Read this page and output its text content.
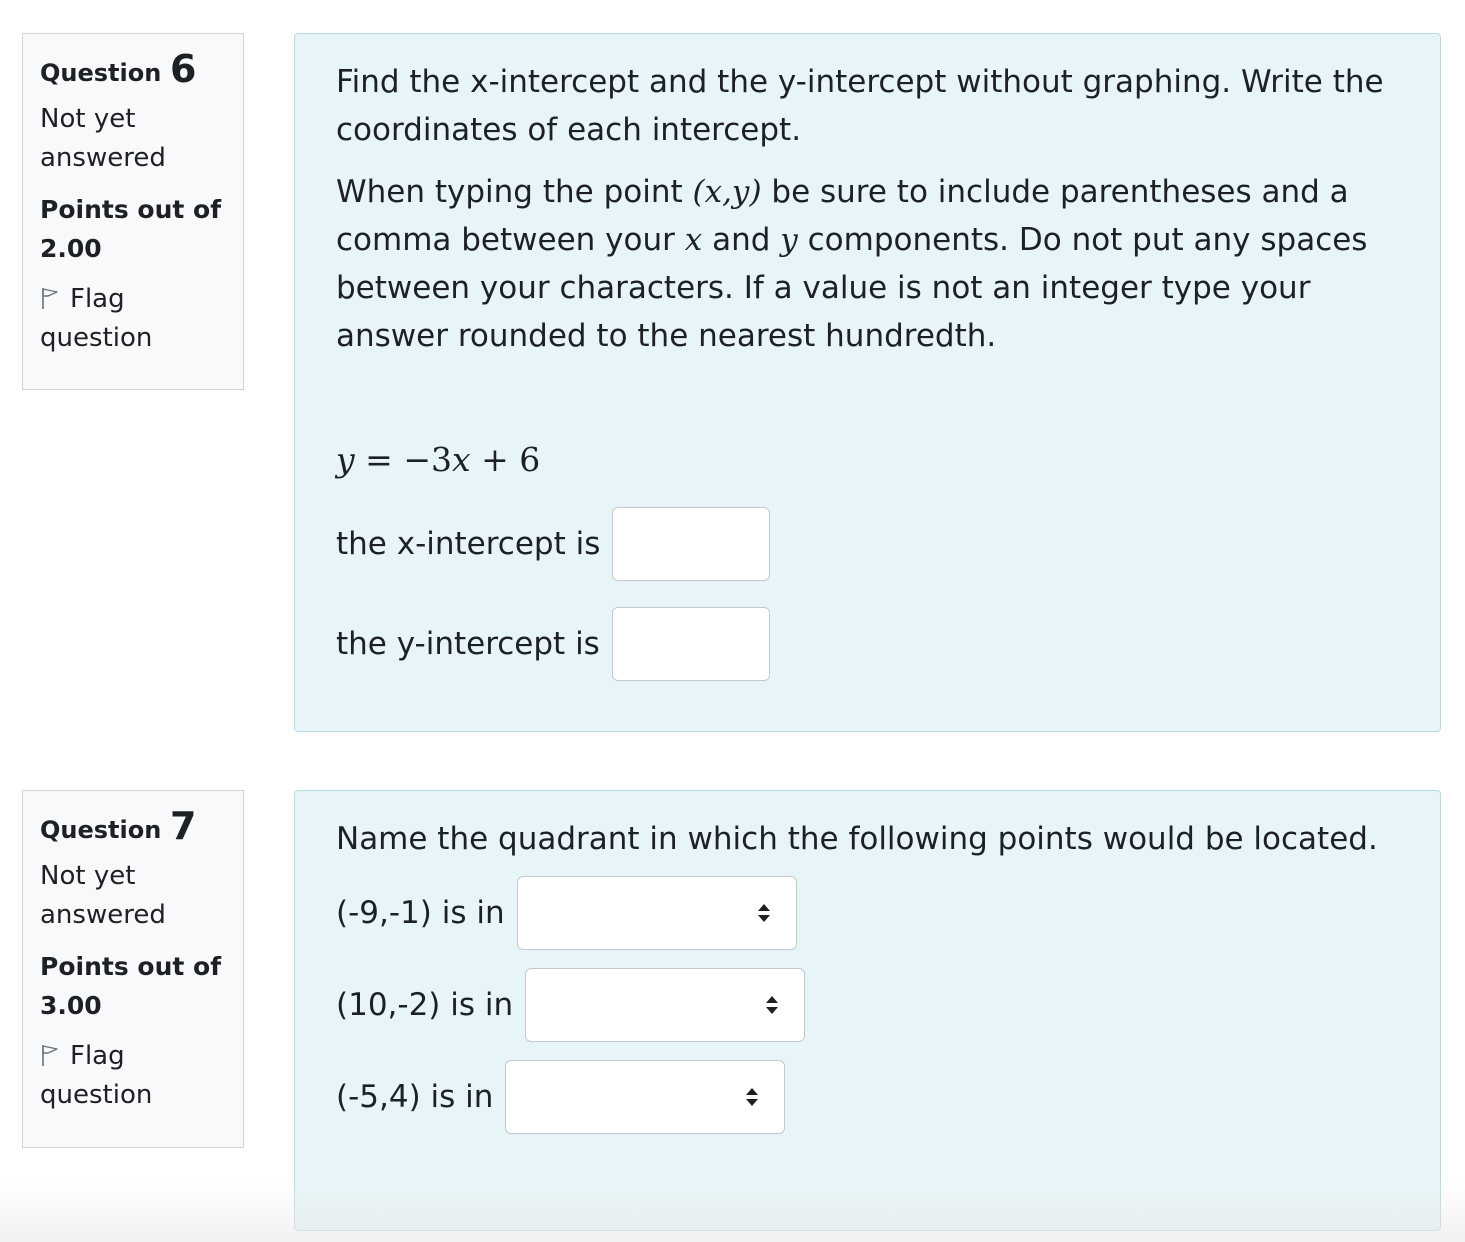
Question 6
Not yet answered
Points out of 2.00
Flag question

Find the x-intercept and the y-intercept without graphing. Write the coordinates of each intercept.

When typing the point (x,y) be sure to include parentheses and a comma between your x and y components. Do not put any spaces between your characters. If a value is not an integer type your answer rounded to the nearest hundredth.

y = −3x + 6
the x-intercept is
the y-intercept is
Question 7
Not yet answered
Points out of 3.00
Flag question

Name the quadrant in which the following points would be located.

(-9,-1) is in
(10,-2) is in
(-5,4) is in
